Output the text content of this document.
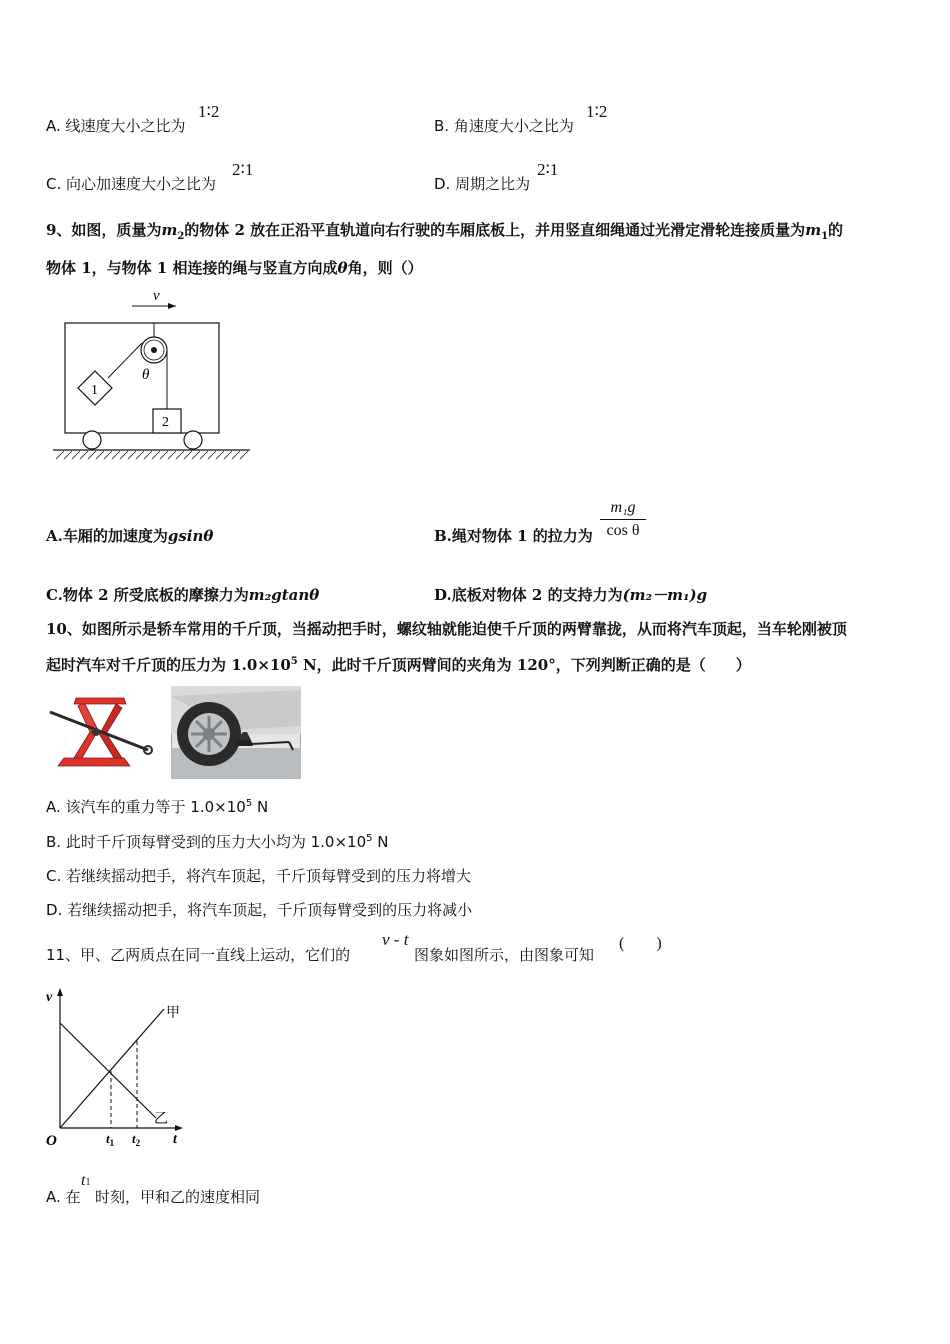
A. 线速度大小之比为
1∶2
B. 角速度大小之比为
1∶2
C. 向心加速度大小之比为
2∶1
D. 周期之比为
2∶1
9、如图，质量为$m_2$的物体 2 放在正沿平直轨道向右行驶的车厢底板上，并用竖直细绳通过光滑定滑轮连接质量为$m_1$的
物体 1，与物体 1 相连接的绳与竖直方向成θ角，则（）
v
θ
1
2
A.车厢的加速度为gsinθ	B.绳对物体 1 的拉力为
m₁g
cos θ
C.物体 2 所受底板的摩擦力为m₂gtanθ	D.底板对物体 2 的支持力为(m₂－m₁)g
10、如图所示是轿车常用的千斤顶，当摇动把手时，螺纹轴就能迫使千斤顶的两臂靠拢，从而将汽车顶起，当车轮刚被顶
起时汽车对千斤顶的压力为 $1.0\times 10^5$ N，此时千斤顶两臂间的夹角为 120°，下列判断正确的是（　　）
A. 该汽车的重力等于 $1.0\times 10^5$ N
B. 此时千斤顶每臂受到的压力大小均为 $1.0\times 10^5$ N
C. 若继续摇动把手，将汽车顶起，千斤顶每臂受到的压力将增大
D. 若继续摇动把手，将汽车顶起，千斤顶每臂受到的压力将减小
11、甲、乙两质点在同一直线上运动，它们的
v - t
图象如图所示，由图象可知
(　　)
v
t
O
甲
乙
$t_1$ $t_2$
A. 在
t1
时刻，甲和乙的速度相同
